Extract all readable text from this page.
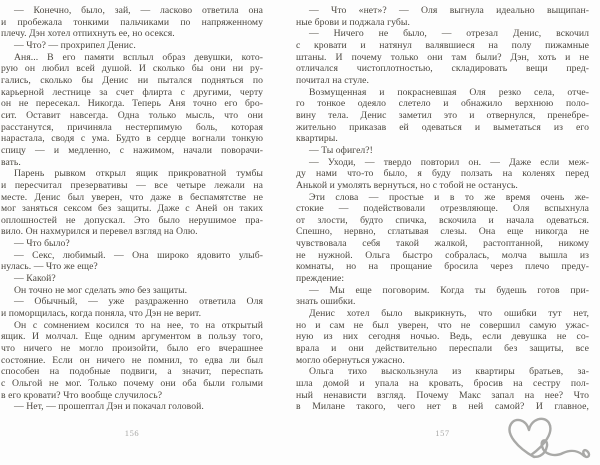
— Конечно, было, зай, — ласково ответила она
и пробежала тонкими пальчиками по напряженному
плечу. Дэн хотел отпихнуть ее, но осекся.
— Что? — прохрипел Денис.
Аня... В его памяти всплыл образ девушки, кото-
рую он любил всей душой. И сколько бы они ни ру-
гались, сколько бы Денис ни пытался подняться по
карьерной лестнице за счет флирта с другими, черту
он не пересекал. Никогда. Теперь Аня точно его бро-
сит. Оставит навсегда. Одна только мысль, что они
расстанутся, причиняла нестерпимую боль, которая
нарастала, сводя с ума. Будто в сердце вогнали тонкую
спицу — и медленно, с нажимом, начали поворачи-
вать.
Парень рывком открыл ящик прикроватной тумбы
и пересчитал презервативы — все четыре лежали на
месте. Денис был уверен, что даже в беспамятстве не
мог заняться сексом без защиты. Даже с Аней он таких
оплошностей не допускал. Это было нерушимое пра-
вило. Он нахмурился и перевел взгляд на Олю.
— Что было?
— Секс, любимый. — Она широко ядовито улыб-
нулась. — Что же еще?
— Какой?
Он точно не мог сделать это без защиты.
— Обычный, — уже раздраженно ответила Оля
и поморщилась, когда поняла, что Дэн не верит.
Он с сомнением косился то на нее, то на открытый
ящик. И молчал. Еще одним аргументом в пользу того,
что ничего не могло произойти, было его вчерашнее
состояние. Если он ничего не помнил, то едва ли был
способен на подобные подвиги, а значит, переспать
с Ольгой не мог. Только почему они оба были голыми
в его кровати? Что вообще случилось?
— Нет, — прошептал Дэн и покачал головой.
156
— Что «нет»? — Оля выгнула идеально выщипан-
ные брови и поджала губы.
— Ничего не было, — отрезал Денис, вскочил
с кровати и натянул валявшиеся на полу пижамные
штаны. И почему только они там были? Дэн, хоть и не
отличался чистоплотностью, складировать вещи пред-
почитал на стуле.
Возмущенная и покрасневшая Оля резко села, отче-
го тонкое одеяло слетело и обнажило верхнюю поло-
вину тела. Денис заметил это и отвернулся, пренебре-
жительно приказав ей одеваться и выметаться из его
квартиры.
— Ты офигел?!
— Уходи, — твердо повторил он. — Даже если меж-
ду нами что-то было, я буду ползать на коленях перед
Анькой и умолять вернуться, но с тобой не останусь.
Эти слова — простые и в то же время очень же-
стокие — подействовали отрезвляюще. Оля вспыхнула
от злости, будто спичка, вскочила и начала одеваться.
Спешно, нервно, сглатывая слезы. Она еще никогда не
чувствовала себя такой жалкой, растоптанной, никому
не нужной. Ольга быстро собралась, молча вышла из
комнаты, но на прощание бросила через плечо преду-
преждение:
— Мы еще поговорим. Когда ты будешь готов при-
знать ошибки.
Денис хотел было выкрикнуть, что ошибки тут нет,
но и сам не был уверен, что не совершил самую ужас-
ную из них сегодня ночью. Ведь, если девушка не со-
врала и они действительно переспали без защиты, все
могло обернуться ужасно.
Ольга тихо выскользнула из квартиры братьев, за-
шла домой и упала на кровать, бросив на сестру пол-
ный ненависти взгляд. Почему Макс запал на нее? Что
в Милане такого, чего нет в ней самой? И главное,
157
